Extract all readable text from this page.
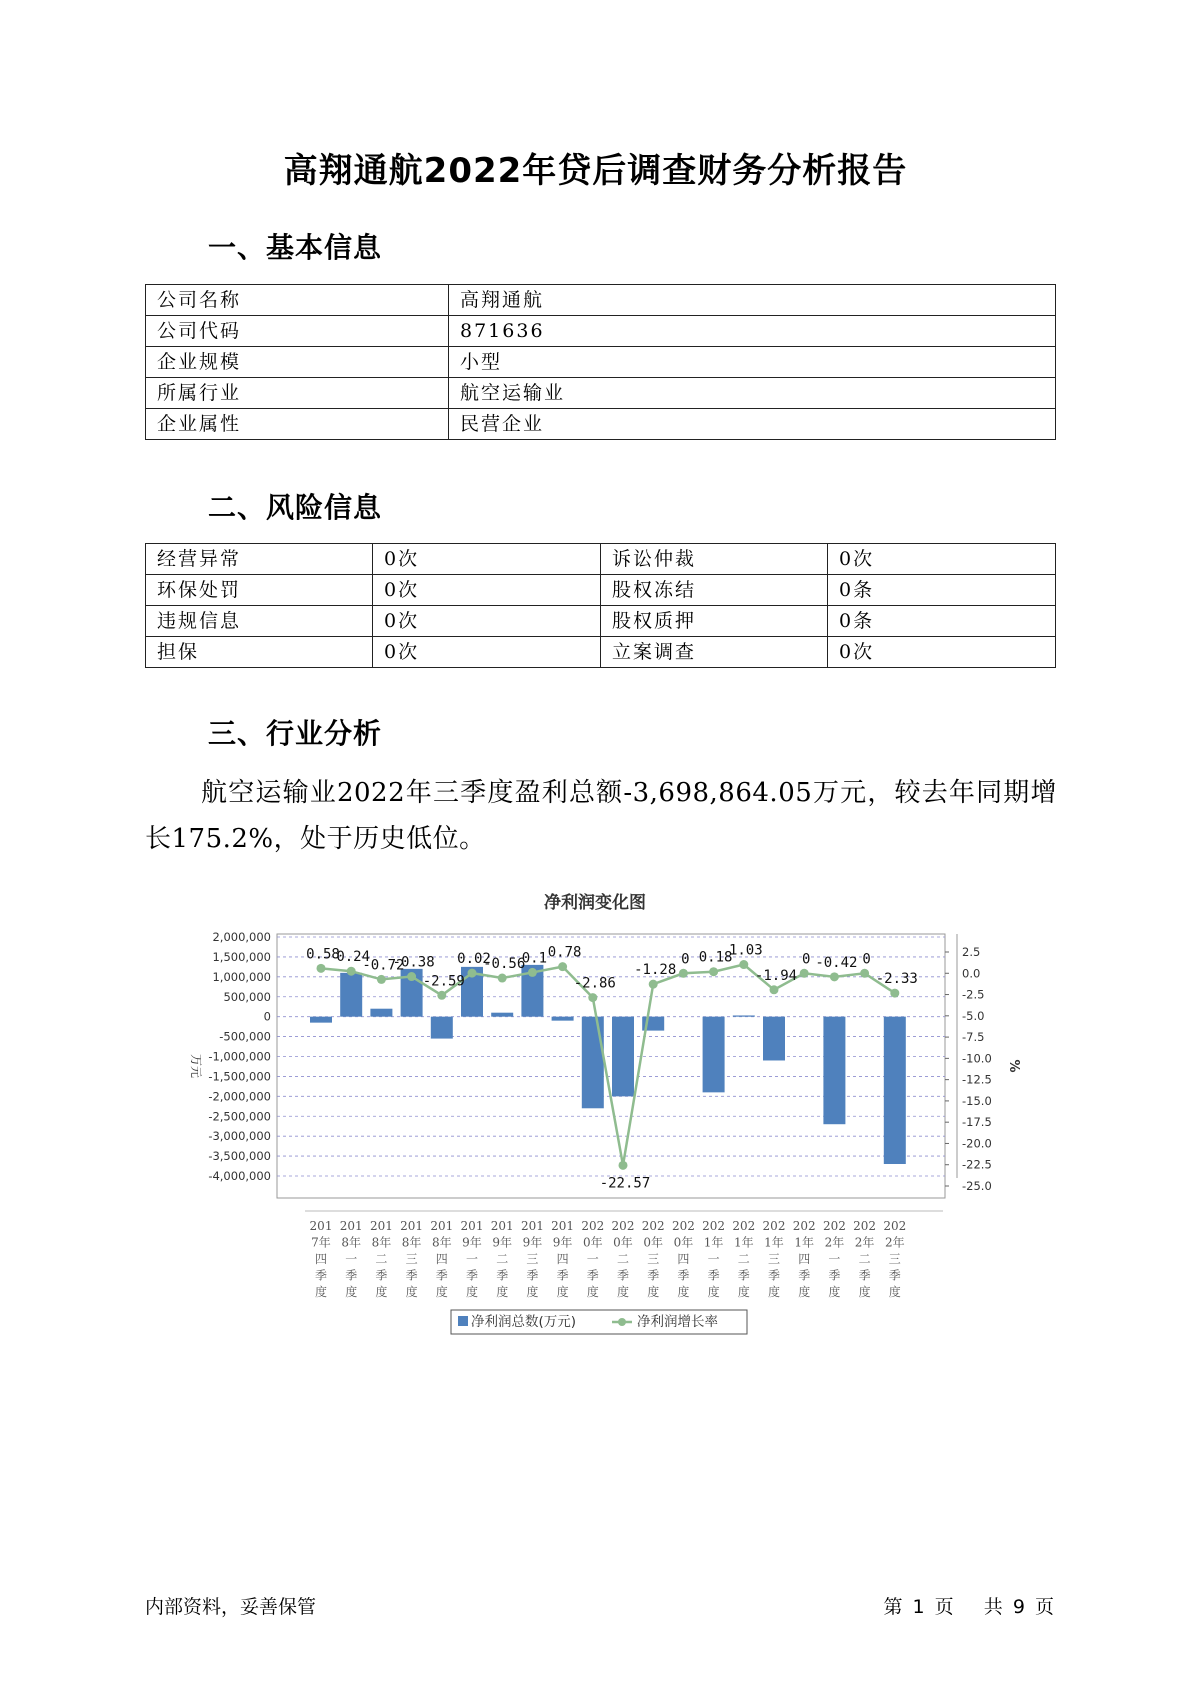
高翔通航2022年贷后调查财务分析报告
一、基本信息
公司名称	高翔通航
公司代码	871636
企业规模	小型
所属行业	航空运输业
企业属性	民营企业
二、风险信息
经营异常	0次	诉讼仲裁	0次
环保处罚	0次	股权冻结	0条
违规信息	0次	股权质押	0条
担保	0次	立案调查	0次
三、行业分析

航空运输业2022年三季度盈利总额-3,698,864.05万元，较去年同期增长175.2%，处于历史低位。

净利润变化图
2,000,000
1,500,000
1,000,000
500,000
0
-500,000
-1,000,000
-1,500,000
-2,000,000
-2,500,000
-3,000,000
-3,500,000
-4,000,000
2.5
0.0
-2.5
-5.0
-7.5
-10.0
-12.5
-15.0
-17.5
-20.0
-22.5
-25.0
万元	%
0.58
0.24
-0.72
-0.38
-2.59
0.02
-0.56
0.1 0.78
-2.86
-22.57
-1.28
0 0.18
1.03
-1.94
0 -0.42 0
-2.33
201
7年
四
季
度
201
8年
一
季
度
201
8年
二
季
度
201
8年
三
季
度
201
8年
四
季
度
201
9年
一
季
度
201
9年
二
季
度
201
9年
三
季
度
201
9年
四
季
度
202
0年
一
季
度
202
0年
二
季
度
202
0年
三
季
度
202
0年
四
季
度
202
1年
一
季
度
202
1年
二
季
度
202
1年
三
季
度
202
1年
四
季
度
202
2年
一
季
度
202
2年
二
季
度
202
2年
三
季
度
净利润总数(万元)	净利润增长率
内部资料，妥善保管	第 1 页 共 9 页
